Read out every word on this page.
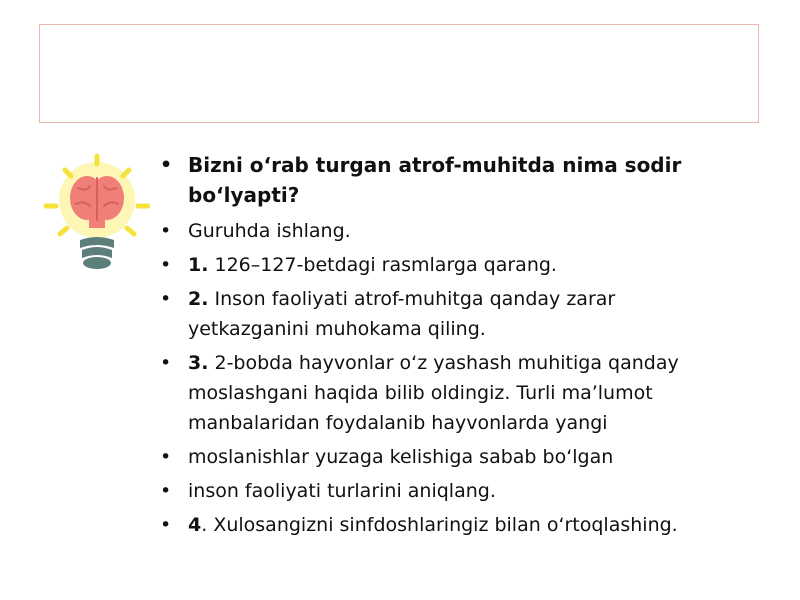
• Bizni o‘rab turgan atrof-muhitda nima sodir bo‘lyapti?
• Guruhda ishlang.
• 1. 126–127-betdagi rasmlarga qarang.
• 2. Inson faoliyati atrof-muhitga qanday zarar yetkazganini muhokama qiling.
• 3. 2-bobda hayvonlar o‘z yashash muhitiga qanday moslashgani haqida bilib oldingiz. Turli ma’lumot manbalaridan foydalanib hayvonlarda yangi
• moslanishlar yuzaga kelishiga sabab bo‘lgan
• inson faoliyati turlarini aniqlang.
• 4. Xulosangizni sinfdoshlaringiz bilan o‘rtoqlashing.
